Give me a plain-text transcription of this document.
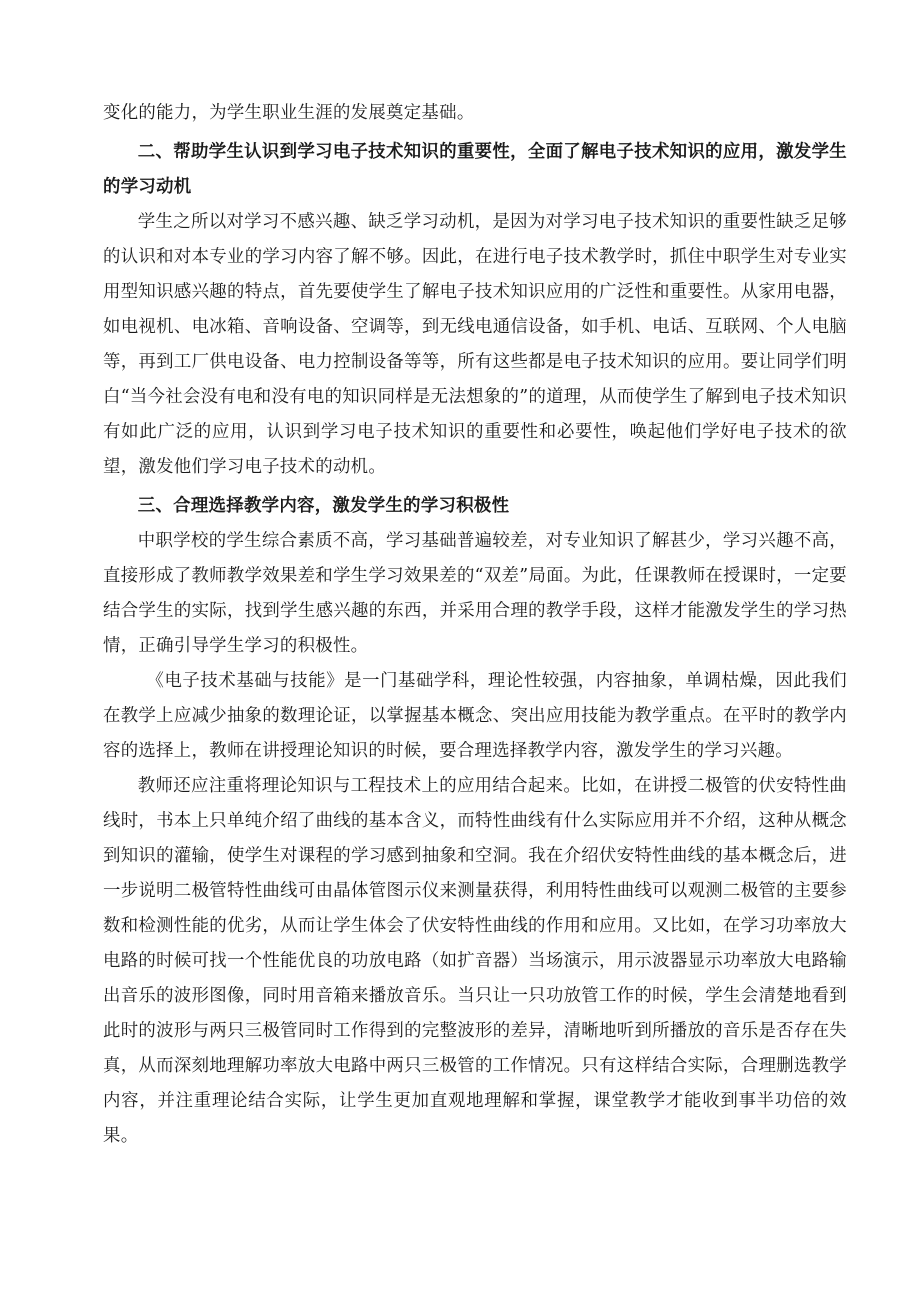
变化的能力，为学生职业生涯的发展奠定基础。

二、帮助学生认识到学习电子技术知识的重要性，全面了解电子技术知识的应用，激发学生的学习动机

学生之所以对学习不感兴趣、缺乏学习动机，是因为对学习电子技术知识的重要性缺乏足够的认识和对本专业的学习内容了解不够。因此，在进行电子技术教学时，抓住中职学生对专业实用型知识感兴趣的特点，首先要使学生了解电子技术知识应用的广泛性和重要性。从家用电器，如电视机、电冰箱、音响设备、空调等，到无线电通信设备，如手机、电话、互联网、个人电脑等，再到工厂供电设备、电力控制设备等等，所有这些都是电子技术知识的应用。要让同学们明白“当今社会没有电和没有电的知识同样是无法想象的”的道理，从而使学生了解到电子技术知识有如此广泛的应用，认识到学习电子技术知识的重要性和必要性，唤起他们学好电子技术的欲望，激发他们学习电子技术的动机。

三、合理选择教学内容，激发学生的学习积极性

中职学校的学生综合素质不高，学习基础普遍较差，对专业知识了解甚少，学习兴趣不高，直接形成了教师教学效果差和学生学习效果差的“双差”局面。为此，任课教师在授课时，一定要结合学生的实际，找到学生感兴趣的东西，并采用合理的教学手段，这样才能激发学生的学习热情，正确引导学生学习的积极性。

《电子技术基础与技能》是一门基础学科，理论性较强，内容抽象，单调枯燥，因此我们在教学上应减少抽象的数理论证，以掌握基本概念、突出应用技能为教学重点。在平时的教学内容的选择上，教师在讲授理论知识的时候，要合理选择教学内容，激发学生的学习兴趣。

教师还应注重将理论知识与工程技术上的应用结合起来。比如，在讲授二极管的伏安特性曲线时，书本上只单纯介绍了曲线的基本含义，而特性曲线有什么实际应用并不介绍，这种从概念到知识的灌输，使学生对课程的学习感到抽象和空洞。我在介绍伏安特性曲线的基本概念后，进一步说明二极管特性曲线可由晶体管图示仪来测量获得，利用特性曲线可以观测二极管的主要参数和检测性能的优劣，从而让学生体会了伏安特性曲线的作用和应用。又比如，在学习功率放大电路的时候可找一个性能优良的功放电路（如扩音器）当场演示，用示波器显示功率放大电路输出音乐的波形图像，同时用音箱来播放音乐。当只让一只功放管工作的时候，学生会清楚地看到此时的波形与两只三极管同时工作得到的完整波形的差异，清晰地听到所播放的音乐是否存在失真，从而深刻地理解功率放大电路中两只三极管的工作情况。只有这样结合实际，合理删选教学内容，并注重理论结合实际，让学生更加直观地理解和掌握，课堂教学才能收到事半功倍的效果。
